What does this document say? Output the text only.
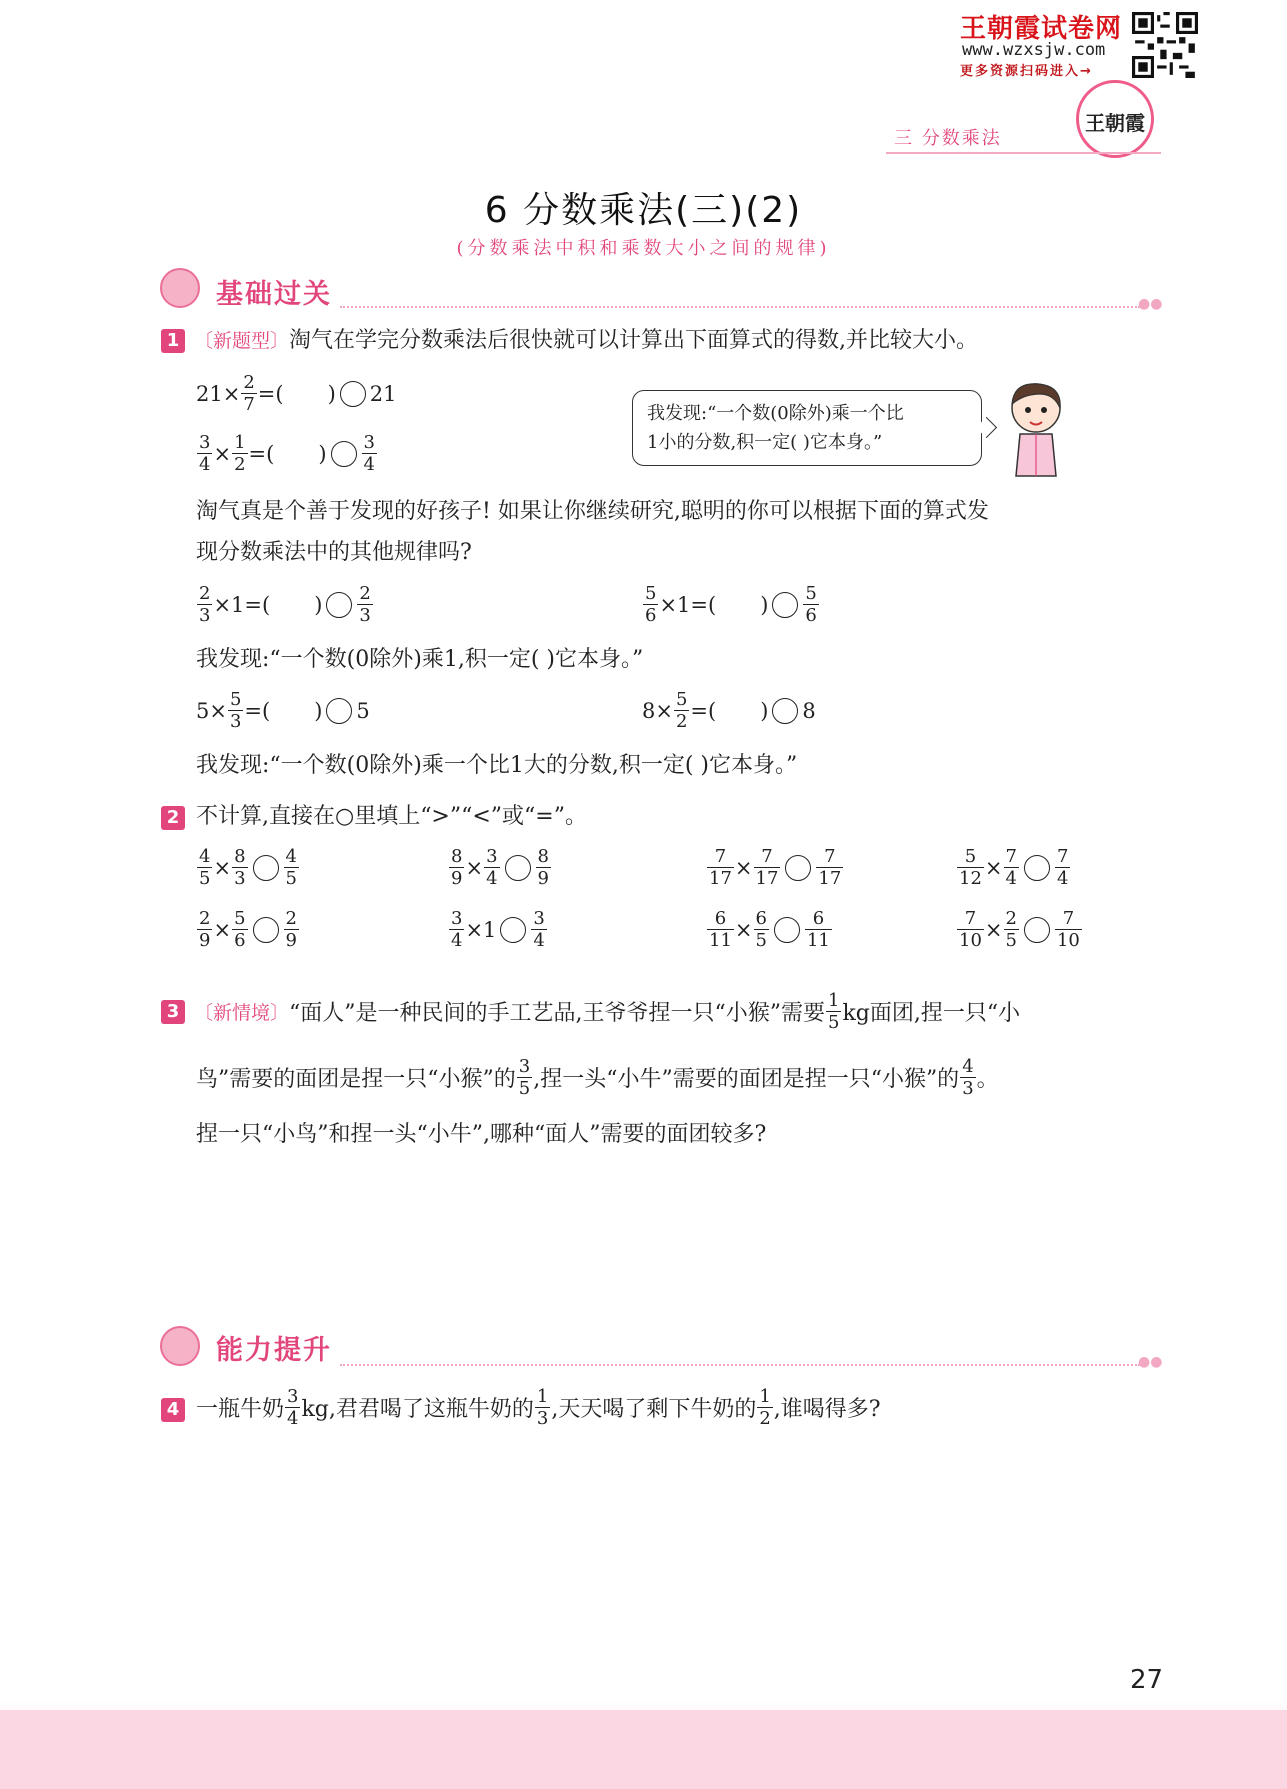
王朝霞试卷网
www.wzxsjw.com
更多资源扫码进入→
王朝霞
三 分数乘法
6 分数乘法(三)(2)
(分数乘法中积和乘数大小之间的规律)
基础过关	●●
1 〔新题型〕淘气在学完分数乘法后很快就可以计算出下面算式的得数,并比较大小。
$21\times \frac{2}{7}$ =( ) 21
$\frac{3}{4} \times \frac{1}{2}$ =( ) $\frac{3}{4}$
我发现:“一个数(0除外)乘一个比
1小的分数,积一定( )它本身。”
淘气真是个善于发现的好孩子! 如果让你继续研究,聪明的你可以根据下面的算式发
现分数乘法中的其他规律吗?
$\frac{2}{3} \times 1=$( ) $\frac{2}{3}$	$\frac{5}{6} \times 1=$( ) $\frac{5}{6}$
我发现:“一个数(0除外)乘1,积一定( )它本身。”
$5\times \frac{5}{3}$ =( ) 5	$8\times \frac{5}{2}$ =( ) 8
我发现:“一个数(0除外)乘一个比1大的分数,积一定( )它本身。”
2 不计算,直接在○里填上“>”“<”或“=”。
$\frac{4}{5} \times \frac{8}{3} \frac{4}{5}$	$\frac{8}{9} \times \frac{3}{4} \frac{8}{9}$	$\frac{7}{17} \times \frac{7}{17} \frac{7}{17}$	$\frac{5}{12} \times \frac{7}{4} \frac{7}{4}$
$\frac{2}{9} \times \frac{5}{6} \frac{2}{9}$	$\frac{3}{4} \times 1 \frac{3}{4}$	$\frac{6}{11} \times \frac{6}{5} \frac{6}{11}$	$\frac{7}{10} \times \frac{2}{5} \frac{7}{10}$
3 〔新情境〕 “面人”是一种民间的手工艺品,王爷爷捏一只“小猴”需要 $\frac{1}{5}$ kg面团,捏一只“小
鸟”需要的面团是捏一只“小猴”的 $\frac{3}{5}$ ,捏一头“小牛”需要的面团是捏一只“小猴”的 $\frac{4}{3}$ 。
捏一只“小鸟”和捏一头“小牛”,哪种“面人”需要的面团较多?
能力提升	●●
4 一瓶牛奶 $\frac{3}{4}$ kg,君君喝了这瓶牛奶的 $\frac{1}{3}$ ,天天喝了剩下牛奶的 $\frac{1}{2}$ ,谁喝得多?
27
